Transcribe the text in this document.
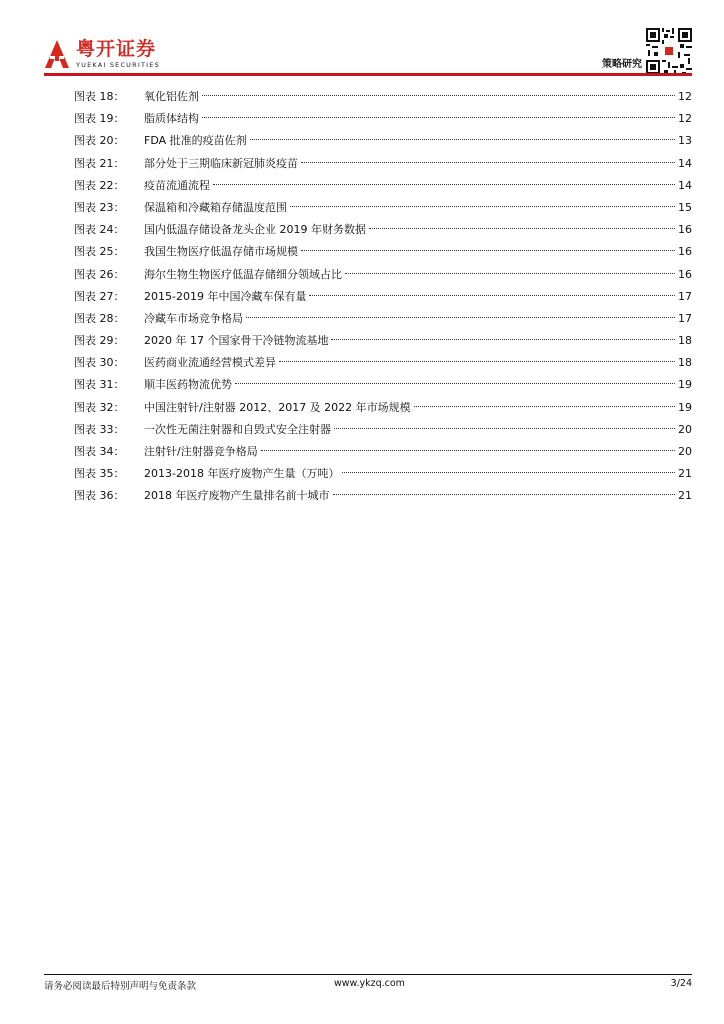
粤开证券
YUEKAI SECURITIES	策略研究
图表 18：	氧化铝佐剂	12
图表 19：	脂质体结构	12
图表 20：	FDA 批准的疫苗佐剂	13
图表 21：	部分处于三期临床新冠肺炎疫苗	14
图表 22：	疫苗流通流程	14
图表 23：	保温箱和冷藏箱存储温度范围	15
图表 24：	国内低温存储设备龙头企业 2019 年财务数据	16
图表 25：	我国生物医疗低温存储市场规模	16
图表 26：	海尔生物生物医疗低温存储细分领域占比	16
图表 27：	2015-2019 年中国冷藏车保有量	17
图表 28：	冷藏车市场竞争格局	17
图表 29：	2020 年 17 个国家骨干冷链物流基地	18
图表 30：	医药商业流通经营模式差异	18
图表 31：	顺丰医药物流优势	19
图表 32：	中国注射针/注射器 2012、2017 及 2022 年市场规模	19
图表 33：	一次性无菌注射器和自毁式安全注射器	20
图表 34：	注射针/注射器竞争格局	20
图表 35：	2013-2018 年医疗废物产生量（万吨）	21
图表 36：	2018 年医疗废物产生量排名前十城市	21
请务必阅读最后特别声明与免责条款	www.ykzq.com	3/24
